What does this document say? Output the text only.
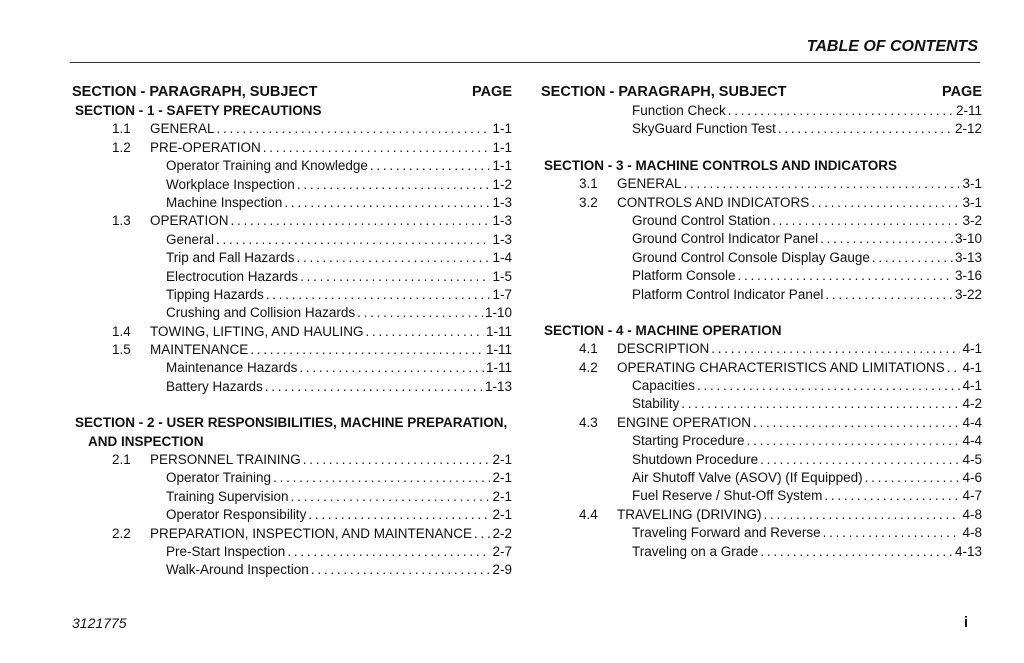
TABLE OF CONTENTS
SECTION - PARAGRAPH, SUBJECT	PAGE
SECTION - 1 - SAFETY PRECAUTIONS
1.1	GENERAL . . .	1-1
1.2	PRE-OPERATION . . .	1-1
Operator Training and Knowledge . . .	1-1
Workplace Inspection . . .	1-2
Machine Inspection . . .	1-3
1.3	OPERATION . . .	1-3
General . . .	1-3
Trip and Fall Hazards . . .	1-4
Electrocution Hazards . . .	1-5
Tipping Hazards . . .	1-7
Crushing and Collision Hazards . . .	1-10
1.4	TOWING, LIFTING, AND HAULING . . .	1-11
1.5	MAINTENANCE . . .	1-11
Maintenance Hazards . . .	1-11
Battery Hazards . . .	1-13
SECTION - 2 - USER RESPONSIBILITIES, MACHINE PREPARATION,
AND INSPECTION
2.1	PERSONNEL TRAINING . . .	2-1
Operator Training . . .	2-1
Training Supervision . . .	2-1
Operator Responsibility . . .	2-1
2.2	PREPARATION, INSPECTION, AND MAINTENANCE . . . 2-2
Pre-Start Inspection . . .	2-7
Walk-Around Inspection . . .	2-9
SECTION - PARAGRAPH, SUBJECT	PAGE
Function Check . . .	2-11
SkyGuard Function Test . . .	2-12
SECTION - 3 - MACHINE CONTROLS AND INDICATORS
3.1	GENERAL . . .	3-1
3.2	CONTROLS AND INDICATORS . . .	3-1
Ground Control Station . . .	3-2
Ground Control Indicator Panel . . .	3-10
Ground Control Console Display Gauge . . .	3-13
Platform Console . . .	3-16
Platform Control Indicator Panel . . .	3-22
SECTION - 4 - MACHINE OPERATION
4.1	DESCRIPTION . . .	4-1
4.2	OPERATING CHARACTERISTICS AND LIMITATIONS . . . 4-1
Capacities . . .	4-1
Stability . . .	4-2
4.3	ENGINE OPERATION . . .	4-4
Starting Procedure . . .	4-4
Shutdown Procedure . . .	4-5
Air Shutoff Valve (ASOV) (If Equipped) . . .	4-6
Fuel Reserve / Shut-Off System . . .	4-7
4.4	TRAVELING (DRIVING) . . .	4-8
Traveling Forward and Reverse . . .	4-8
Traveling on a Grade . . .	4-13
3121775	i
